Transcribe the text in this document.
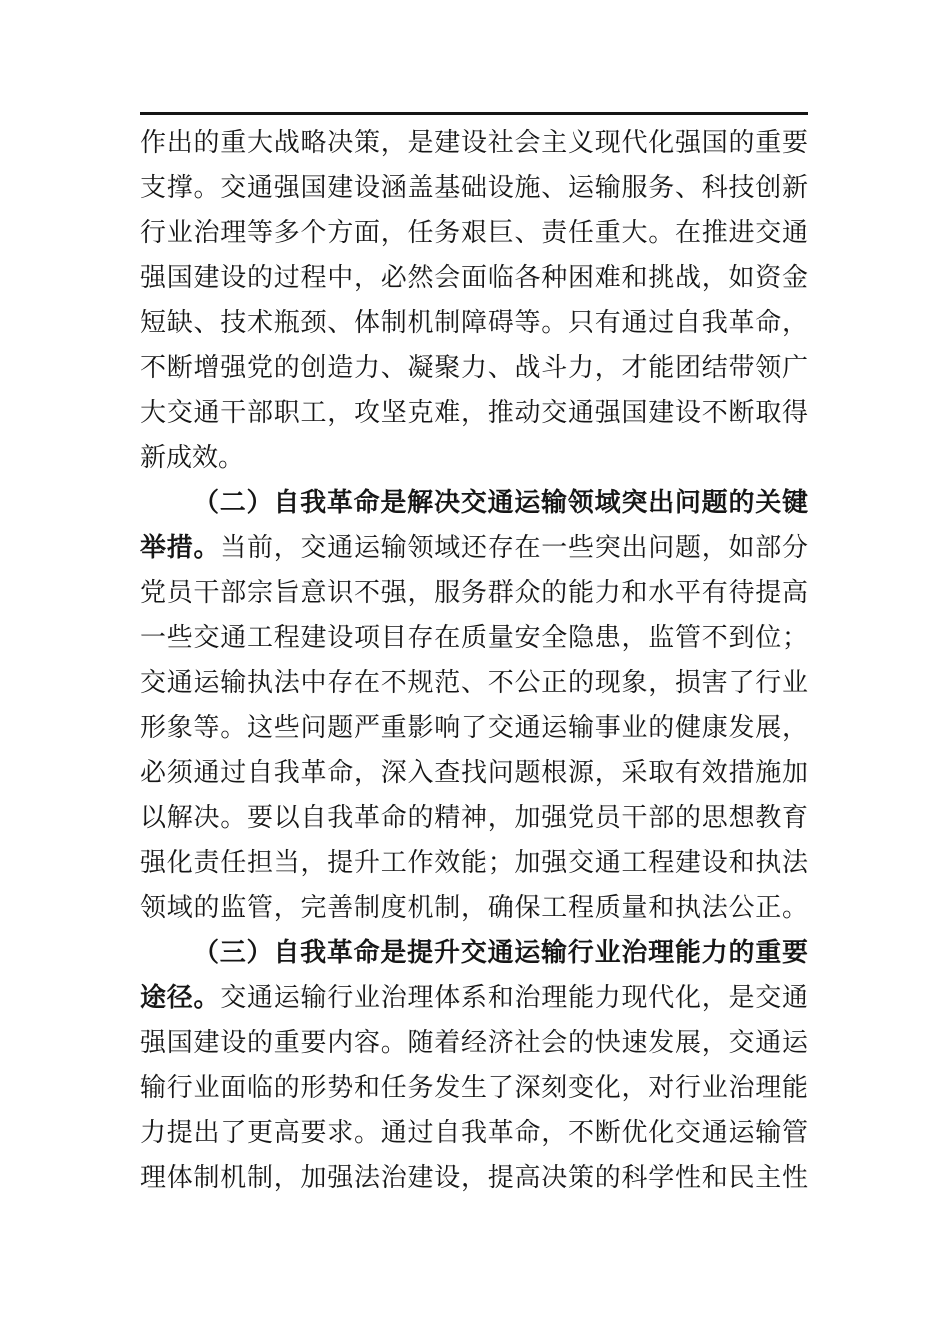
作出的重大战略决策，是建设社会主义现代化强国的重要
支撑。交通强国建设涵盖基础设施、运输服务、科技创新
行业治理等多个方面，任务艰巨、责任重大。在推进交通
强国建设的过程中，必然会面临各种困难和挑战，如资金
短缺、技术瓶颈、体制机制障碍等。只有通过自我革命，
不断增强党的创造力、凝聚力、战斗力，才能团结带领广
大交通干部职工，攻坚克难，推动交通强国建设不断取得
新成效。
（二）自我革命是解决交通运输领域突出问题的关键
举措。当前，交通运输领域还存在一些突出问题，如部分
党员干部宗旨意识不强，服务群众的能力和水平有待提高
一些交通工程建设项目存在质量安全隐患，监管不到位；
交通运输执法中存在不规范、不公正的现象，损害了行业
形象等。这些问题严重影响了交通运输事业的健康发展，
必须通过自我革命，深入查找问题根源，采取有效措施加
以解决。要以自我革命的精神，加强党员干部的思想教育
强化责任担当，提升工作效能；加强交通工程建设和执法
领域的监管，完善制度机制，确保工程质量和执法公正。
（三）自我革命是提升交通运输行业治理能力的重要
途径。交通运输行业治理体系和治理能力现代化，是交通
强国建设的重要内容。随着经济社会的快速发展，交通运
输行业面临的形势和任务发生了深刻变化，对行业治理能
力提出了更高要求。通过自我革命，不断优化交通运输管
理体制机制，加强法治建设，提高决策的科学性和民主性
